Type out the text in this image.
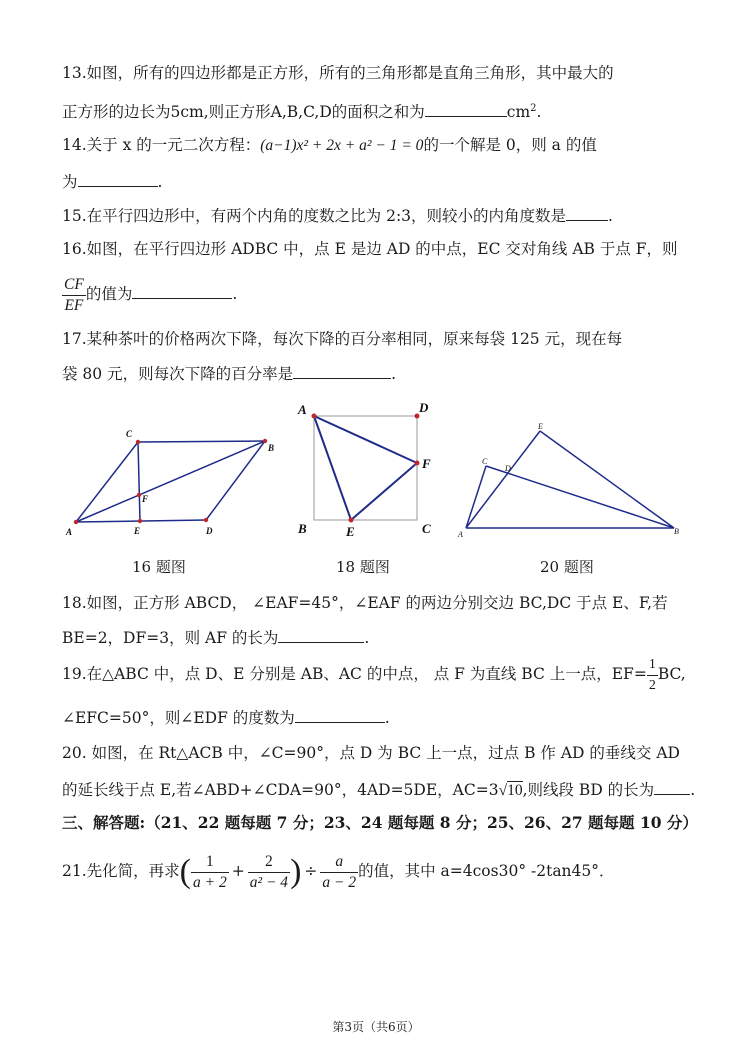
13.如图，所有的四边形都是正方形，所有的三角形都是直角三角形，其中最大的
正方形的边长为5cm,则正方形A,B,C,D的面积之和为	$cm^2$.
14.关于 x 的一元二次方程：(a−1)x² + 2x + a² − 1 = 0的一个解是 0，则 a 的值
为	.
15.在平行四边形中，有两个内角的度数之比为 2:3，则较小的内角度数是	.
16.如图，在平行四边形 ADBC 中，点 E 是边 AD 的中点，EC 交对角线 AB 于点 F，则
$\frac{CF}{EF}$ 的值为	.
17.某种茶叶的价格两次下降，每次下降的百分率相同，原来每袋 125 元，现在每
袋 80 元，则每次下降的百分率是	.
A
C
B
D
E
F
A	D
F
B	E	C	A
C
D
E
B
16 题图	18 题图	20 题图
18.如图，正方形 ABCD， ∠EAF=45°，∠EAF 的两边分别交边 BC,DC 于点 E、F,若
BE=2，DF=3，则 AF 的长为	.
19.在△ABC 中，点 D、E 分别是 AB、AC 的中点， 点 F 为直线 BC 上一点，$EF= \frac{1}{2}$ BC,
∠EFC=50°，则∠EDF 的度数为	.
20. 如图，在 Rt△ACB 中，∠C=90°，点 D 为 BC 上一点，过点 B 作 AD 的垂线交 AD
的延长线于点 E,若∠ABD+∠CDA=90°，4AD=5DE，AC=3√10,则线段 BD 的长为 .
三、解答题:（21、22 题每题 7 分；23、24 题每题 8 分；25、26、27 题每题 10 分）
21.先化简，再求( $\frac{1}{a + 2} + \frac{2}{\text{a² − 4}}$ ) ÷ $\frac{a}{a - 2}$ 的值，其中 a=4cos30° -2tan45°．
第3页（共6页）
